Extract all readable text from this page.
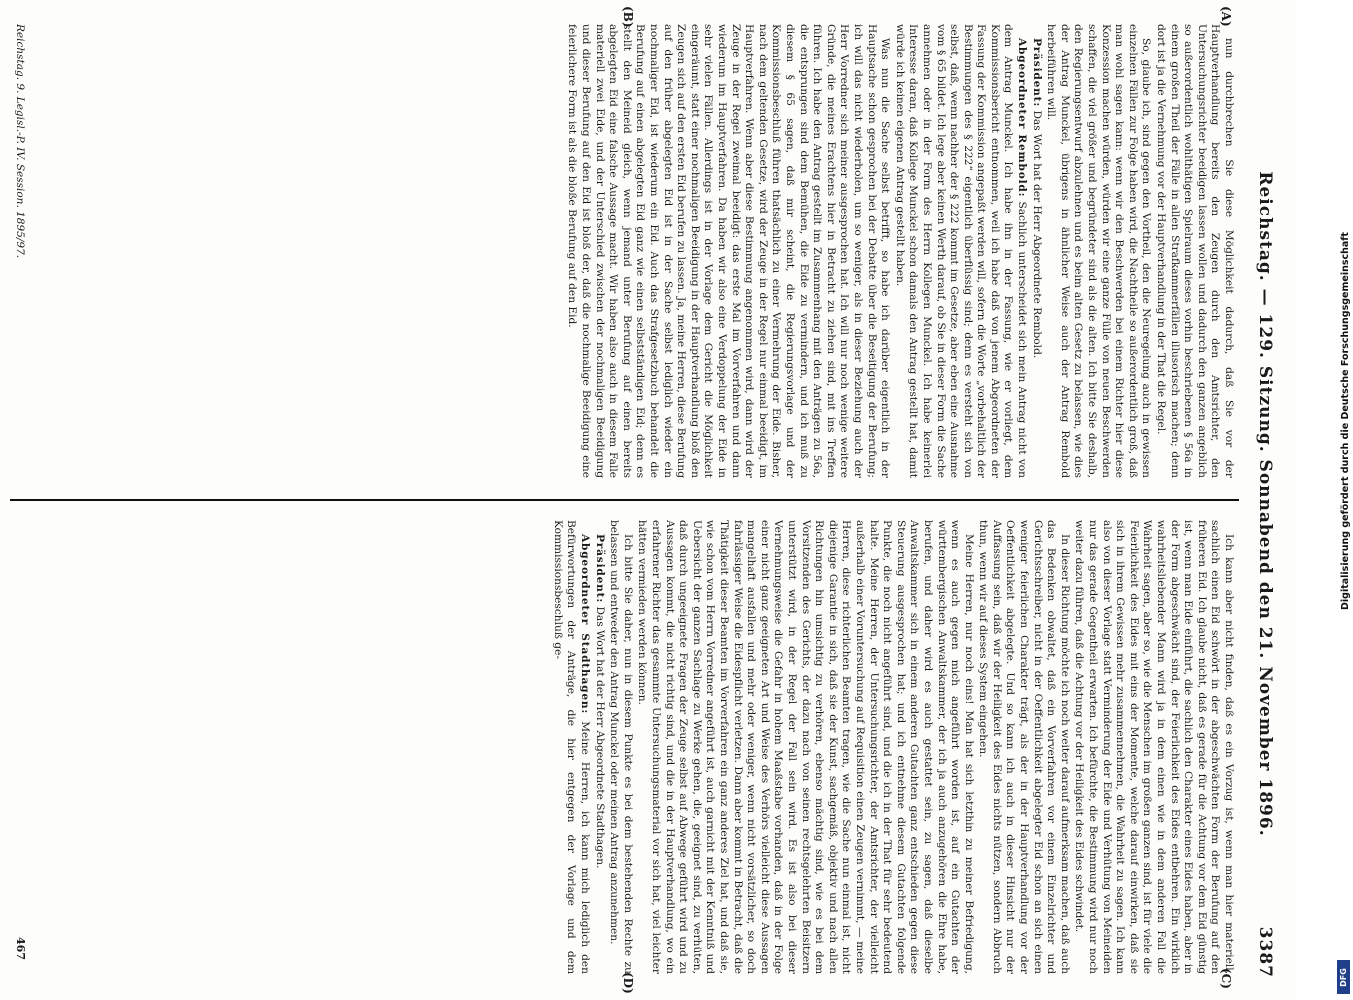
Reichstag. — 129. Sitzung. Sonnabend den 21. November 1896.
3387
(A)
(B)
(C)
(D)

nun durchbrechen Sie diese Möglichkeit dadurch, daß Sie vor der Hauptverhandlung bereits den Zeugen durch den Amtsrichter, den Untersuchungsrichter beeidigen lassen wollen und dadurch den ganzen angeblich so außerordentlich wohlthätigen Spielraum dieses vorhin beschriebenen § 56a in einem großen Theil der Fälle in allen Strafkammerfällen illusorisch machen; denn dort ist ja die Vernehmung vor der Hauptverhandlung in der That die Regel.

So, glaube ich, sind gegen den Vortheil, den die Neuregelung auch in gewissen einzelnen Fällen zur Folge haben wird, die Nachtheile so außerordentlich groß, daß man wohl sagen kann: wenn wir den Beschwerden bei einem Richter hier diese Konzession machen würden, würden wir eine ganze Fülle von neuen Beschwerden schaffen, die viel größer und begründeter sind als die alten. Ich bitte Sie deshalb, den Regierungsentwurf abzulehnen und es beim alten Gesetz zu belassen, wie dies der Antrag Munckel, übrigens in ähnlicher Weise auch der Antrag Rembold herbeiführen will.

Präsident: Das Wort hat der Herr Abgeordnete Rembold.

Abgeordneter Rembold: Sachlich unterscheidet sich mein Antrag nicht von dem Antrag Munckel. Ich habe ihn in der Fassung, wie er vorliegt, dem Kommissionsbericht entnommen, weil ich habe daß von jenem Abgeordneten der Fassung der Kommission angepaßt werden will, sofern die Worte „vorbehaltlich der Bestimmungen des § 222“ eigentlich überflüssig sind; denn es versteht sich von selbst, daß, wenn nachher der § 222 kommt im Gesetze, aber eben eine Ausnahme vom § 65 bildet. Ich lege aber keinen Werth darauf, ob Sie in dieser Form die Sache annehmen oder in der Form des Herrn Kollegen Munckel. Ich habe keinerlei Interesse daran, daß Kollege Munckel schon damals den Antrag gestellt hat, damit würde ich keinen eigenen Antrag gestellt haben.

Was nun die Sache selbst betrifft, so habe ich darüber eigentlich in der Hauptsache schon gesprochen bei der Debatte über die Beseitigung der Berufung; ich will das nicht wiederholen, um so weniger, als in dieser Beziehung auch der Herr Vorredner sich meiner ausgesprochen hat. Ich will nur noch wenige weitere Gründe, die meines Erachtens hier in Betracht zu ziehen sind, mit ins Treffen führen. Ich habe den Antrag gestellt im Zusammenhang mit den Anträgen zu 56a, die entsprungen sind dem Bemühen, die Eide zu vermindern, und ich muß zu diesem § 65 sagen, daß mir scheint, die Regierungsvorlage und der Kommissionsbeschluß führen thatsächlich zu einer Vermehrung der Eide. Bisher, nach dem geltenden Gesetze, wird der Zeuge in der Regel nur einmal beeidigt, im Hauptverfahren. Wenn aber diese Bestimmung angenommen wird, dann wird der Zeuge in der Regel zweimal beeidigt: das erste Mal im Vorverfahren und dann wiederum im Hauptverfahren. Da haben wir also eine Verdoppelung der Eide in sehr vielen Fällen. Allerdings ist in der Vorlage dem Gericht die Möglichkeit eingeräumt, statt einer nochmaligen Beeidigung in der Hauptverhandlung bloß den Zeugen sich auf den ersten Eid berufen zu lassen. Ja, meine Herren, diese Berufung auf den früher abgelegten Eid ist in der Sache selbst lediglich wieder ein nochmaliger Eid, ist wiederum ein Eid. Auch das Strafgesetzbuch behandelt die Berufung auf einen abgelegten Eid ganz wie einen selbstständigen Eid; denn es stellt den Meineid gleich, wenn jemand unter Berufung auf einen bereits abgelegten Eid eine falsche Aussage macht. Wir haben also auch in diesem Falle materiell zwei Eide, und der Unterschied zwischen der nochmaligen Beeidigung und dieser Berufung auf den Eid ist bloß der, daß die nochmalige Beeidigung eine feierlichere Form ist als die bloße Berufung auf den Eid.

Ich kann aber nicht finden, daß es ein Vorzug ist, wenn man hier materiell, sachlich einen Eid schwört in der abgeschwächten Form der Berufung auf den früheren Eid. Ich glaube nicht, daß es gerade für die Achtung vor dem Eid günstig ist, wenn man Eide einführt, die sachlich den Charakter eines Eides haben, aber in der Form abgeschwächt sind, der Feierlichkeit des Eides entbehren. Ein wirklich wahrheitsliebender Mann wird ja in dem einen wie in dem anderen Fall die Wahrheit sagen, aber so, wie die Menschen im großen ganzen sind, ist für viele die Feierlichkeit des Eides mit eins der Momente, welche darauf einwirken, daß sie sich in ihrem Gewissen mehr zusammennehmen, die Wahrheit zu sagen. Ich kann also von dieser Vorlage statt Verminderung der Eide und Verhütung von Meineiden nur das gerade Gegentheil erwarten. Ich befürchte, die Bestimmung wird nur noch weiter dazu führen, daß die Achtung vor der Heiligkeit des Eides schwindet.

In dieser Richtung möchte ich noch weiter darauf aufmerksam machen, daß auch das Bedenken obwaltet, daß ein Vorverfahren vor einem Einzelrichter und Gerichtsschreiber, nicht in der Oeffentlichkeit abgelegter Eid schon an sich einen weniger feierlichen Charakter trägt, als der in der Hauptverhandlung vor der Oeffentlichkeit abgelegte. Und so kann ich auch in dieser Hinsicht nur der Auffassung sein, daß wir der Heiligkeit des Eides nichts nützen, sondern Abbruch thun, wenn wir auf dieses System eingehen.

Meine Herren, nur noch eins! Man hat sich letzthin zu meiner Befriedigung, wenn es auch gegen mich angeführt worden ist, auf ein Gutachten der württembergischen Anwaltskammer, der ich ja auch anzugehören die Ehre habe, berufen, und daher wird es auch gestattet sein, zu sagen, daß dieselbe Anwaltskammer sich in einem anderen Gutachten ganz entschieden gegen diese Steuerung ausgesprochen hat; und ich entnehme diesem Gutachten folgende Punkte, die noch nicht angeführt sind, und die ich in der That für sehr bedeutend halte. Meine Herren, der Untersuchungsrichter, der Amtsrichter, der vielleicht außerhalb einer Voruntersuchung auf Requisition einen Zeugen vernimmt, — meine Herren, diese richterlichen Beamten tragen, wie die Sache nun einmal ist, nicht diejenige Garantie in sich, daß sie der Kunst, sachgemäß, objektiv und nach allen Richtungen hin umsichtig zu verhören, ebenso mächtig sind, wie es bei dem Vorsitzenden des Gerichts, der dazu nach von seinen rechtsgelehrten Beisitzern unterstützt wird, in der Regel der Fall sein wird. Es ist also bei dieser Vernehmungsweise die Gefahr in hohem Maaßstabe vorhanden, daß in der Folge einer nicht ganz geeigneten Art und Weise des Verhörs vielleicht diese Aussagen mangelhaft ausfallen und mehr oder weniger, wenn nicht vorsätzlicher, so doch fahrlässiger Weise die Eidespflicht verletzen. Dann aber kommt in Betracht, daß die Thätigkeit dieser Beamten im Vorverfahren ein ganz anderes Ziel hat, und daß sie, wie schon vom Herrn Vorredner angeführt ist, auch garnicht mit der Kenntniß und Uebersicht der ganzen Sachlage zu Werke gehen, die, geeignet sind, zu verhüten, daß durch ungeeignete Fragen der Zeuge selbst auf Abwege geführt wird und zu Aussagen kommt, die nicht richtig sind, und die in der Hauptverhandlung, wo ein erfahrener Richter das gesammte Untersuchungsmaterial vor sich hat, viel leichter hätten vermieden werden können.

Ich bitte Sie daher, nun in diesem Punkte es bei dem bestehenden Rechte zu belassen und entweder den Antrag Munckel oder meinen Antrag anzunehmen.

Präsident: Das Wort hat der Herr Abgeordnete Stadthagen.

Abgeordneter Stadthagen: Meine Herren, ich kann mich lediglich den Befürwortungen der Anträge, die hier entgegen der Vorlage und dem Kommissionsbeschluß ge-

Reichstag. 9. Legisl.-P. IV. Session. 1895/97.
467
Digitalisierung gefördert durch die Deutsche Forschungsgemeinschaft
DFG
